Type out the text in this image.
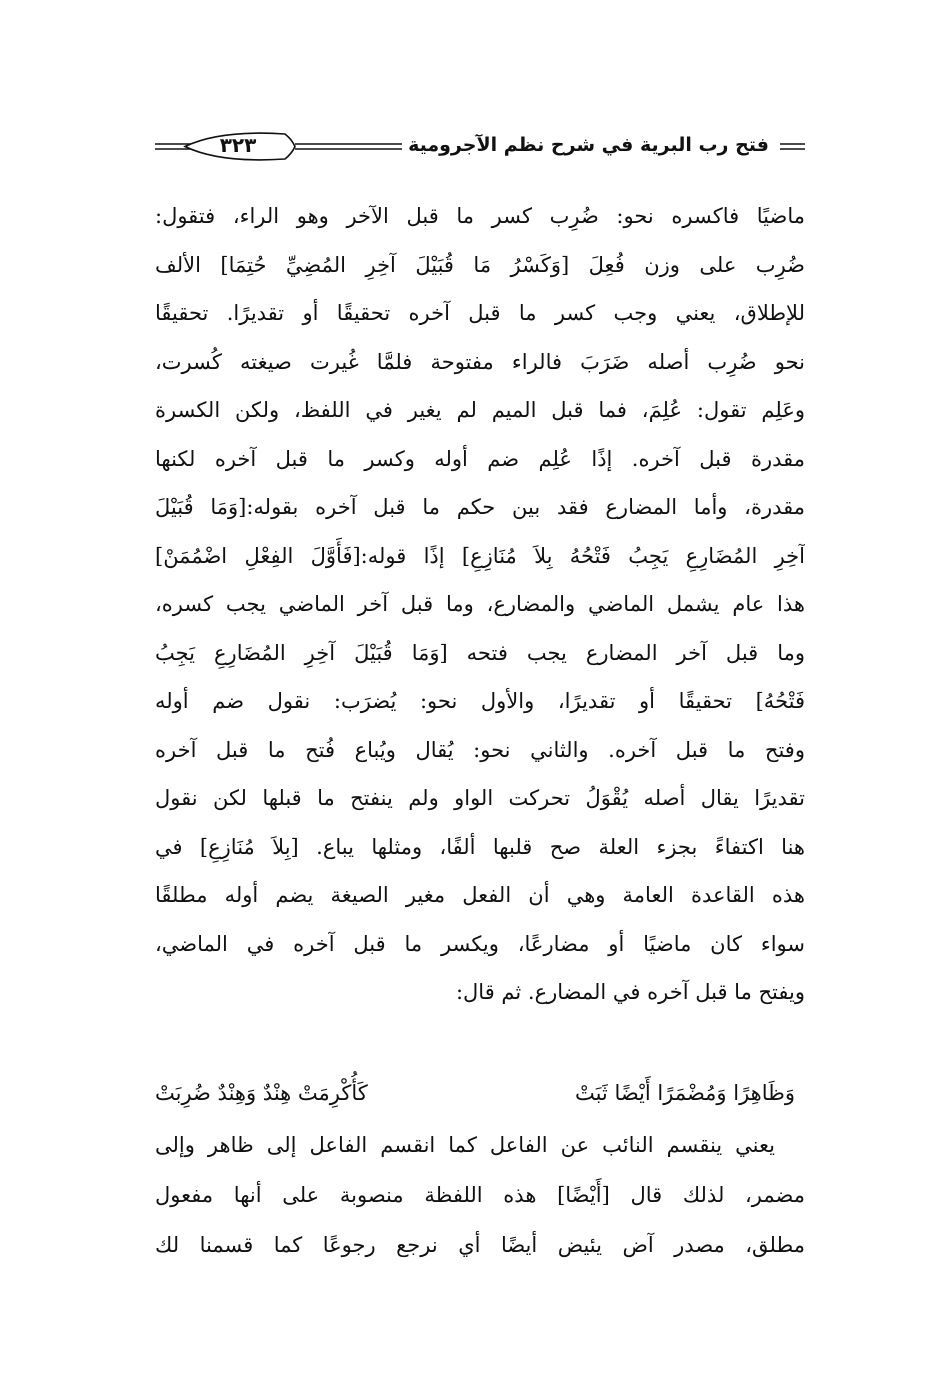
٣٢٣	فتح رب البرية في شرح نظم الآجرومية
ماضيًا فاكسره نحو: ضُرِب كسر ما قبل الآخر وهو الراء، فتقول:
ضُرِب على وزن فُعِلَ [وَكَسْرُ مَا قُبَيْلَ آخِرِ المُضِيِّ حُتِمَا] الألف
للإطلاق، يعني وجب كسر ما قبل آخره تحقيقًا أو تقديرًا. تحقيقًا
نحو ضُرِب أصله ضَرَبَ فالراء مفتوحة فلمَّا غُيرت صيغته كُسرت،
وعَلِم تقول: عُلِمَ، فما قبل الميم لم يغير في اللفظ، ولكن الكسرة
مقدرة قبل آخره. إذًا عُلِم ضم أوله وكسر ما قبل آخره لكنها
مقدرة، وأما المضارع فقد بين حكم ما قبل آخره بقوله:[وَمَا قُبَيْلَ
آخِرِ المُضَارِعِ يَجِبُ فَتْحُهُ بِلاَ مُنَازِعِ] إذًا قوله:[فَأَوَّلَ الفِعْلِ اضْمُمَنْ]
هذا عام يشمل الماضي والمضارع، وما قبل آخر الماضي يجب كسره،
وما قبل آخر المضارع يجب فتحه [وَمَا قُبَيْلَ آخِرِ المُضَارِعِ يَجِبُ
فَتْحُهُ] تحقيقًا أو تقديرًا، والأول نحو: يُضرَب: نقول ضم أوله
وفتح ما قبل آخره. والثاني نحو: يُقال ويُباع فُتح ما قبل آخره
تقديرًا يقال أصله يُقْوَلُ تحركت الواو ولم ينفتح ما قبلها لكن نقول
هنا اكتفاءً بجزء العلة صح قلبها ألفًا، ومثلها يباع. [بِلاَ مُنَازِعِ] في
هذه القاعدة العامة وهي أن الفعل مغير الصيغة يضم أوله مطلقًا
سواء كان ماضيًا أو مضارعًا، ويكسر ما قبل آخره في الماضي،
ويفتح ما قبل آخره في المضارع. ثم قال:
وَظَاهِرًا وَمُضْمَرًا أَيْضًا ثَبَتْ
كَأُكْرِمَتْ هِنْدٌ وَهِنْدٌ ضُرِبَتْ
يعني ينقسم النائب عن الفاعل كما انقسم الفاعل إلى ظاهر وإلى
مضمر، لذلك قال [أَيْضًا] هذه اللفظة منصوبة على أنها مفعول
مطلق، مصدر آض يئيض أيضًا أي نرجع رجوعًا كما قسمنا لك
